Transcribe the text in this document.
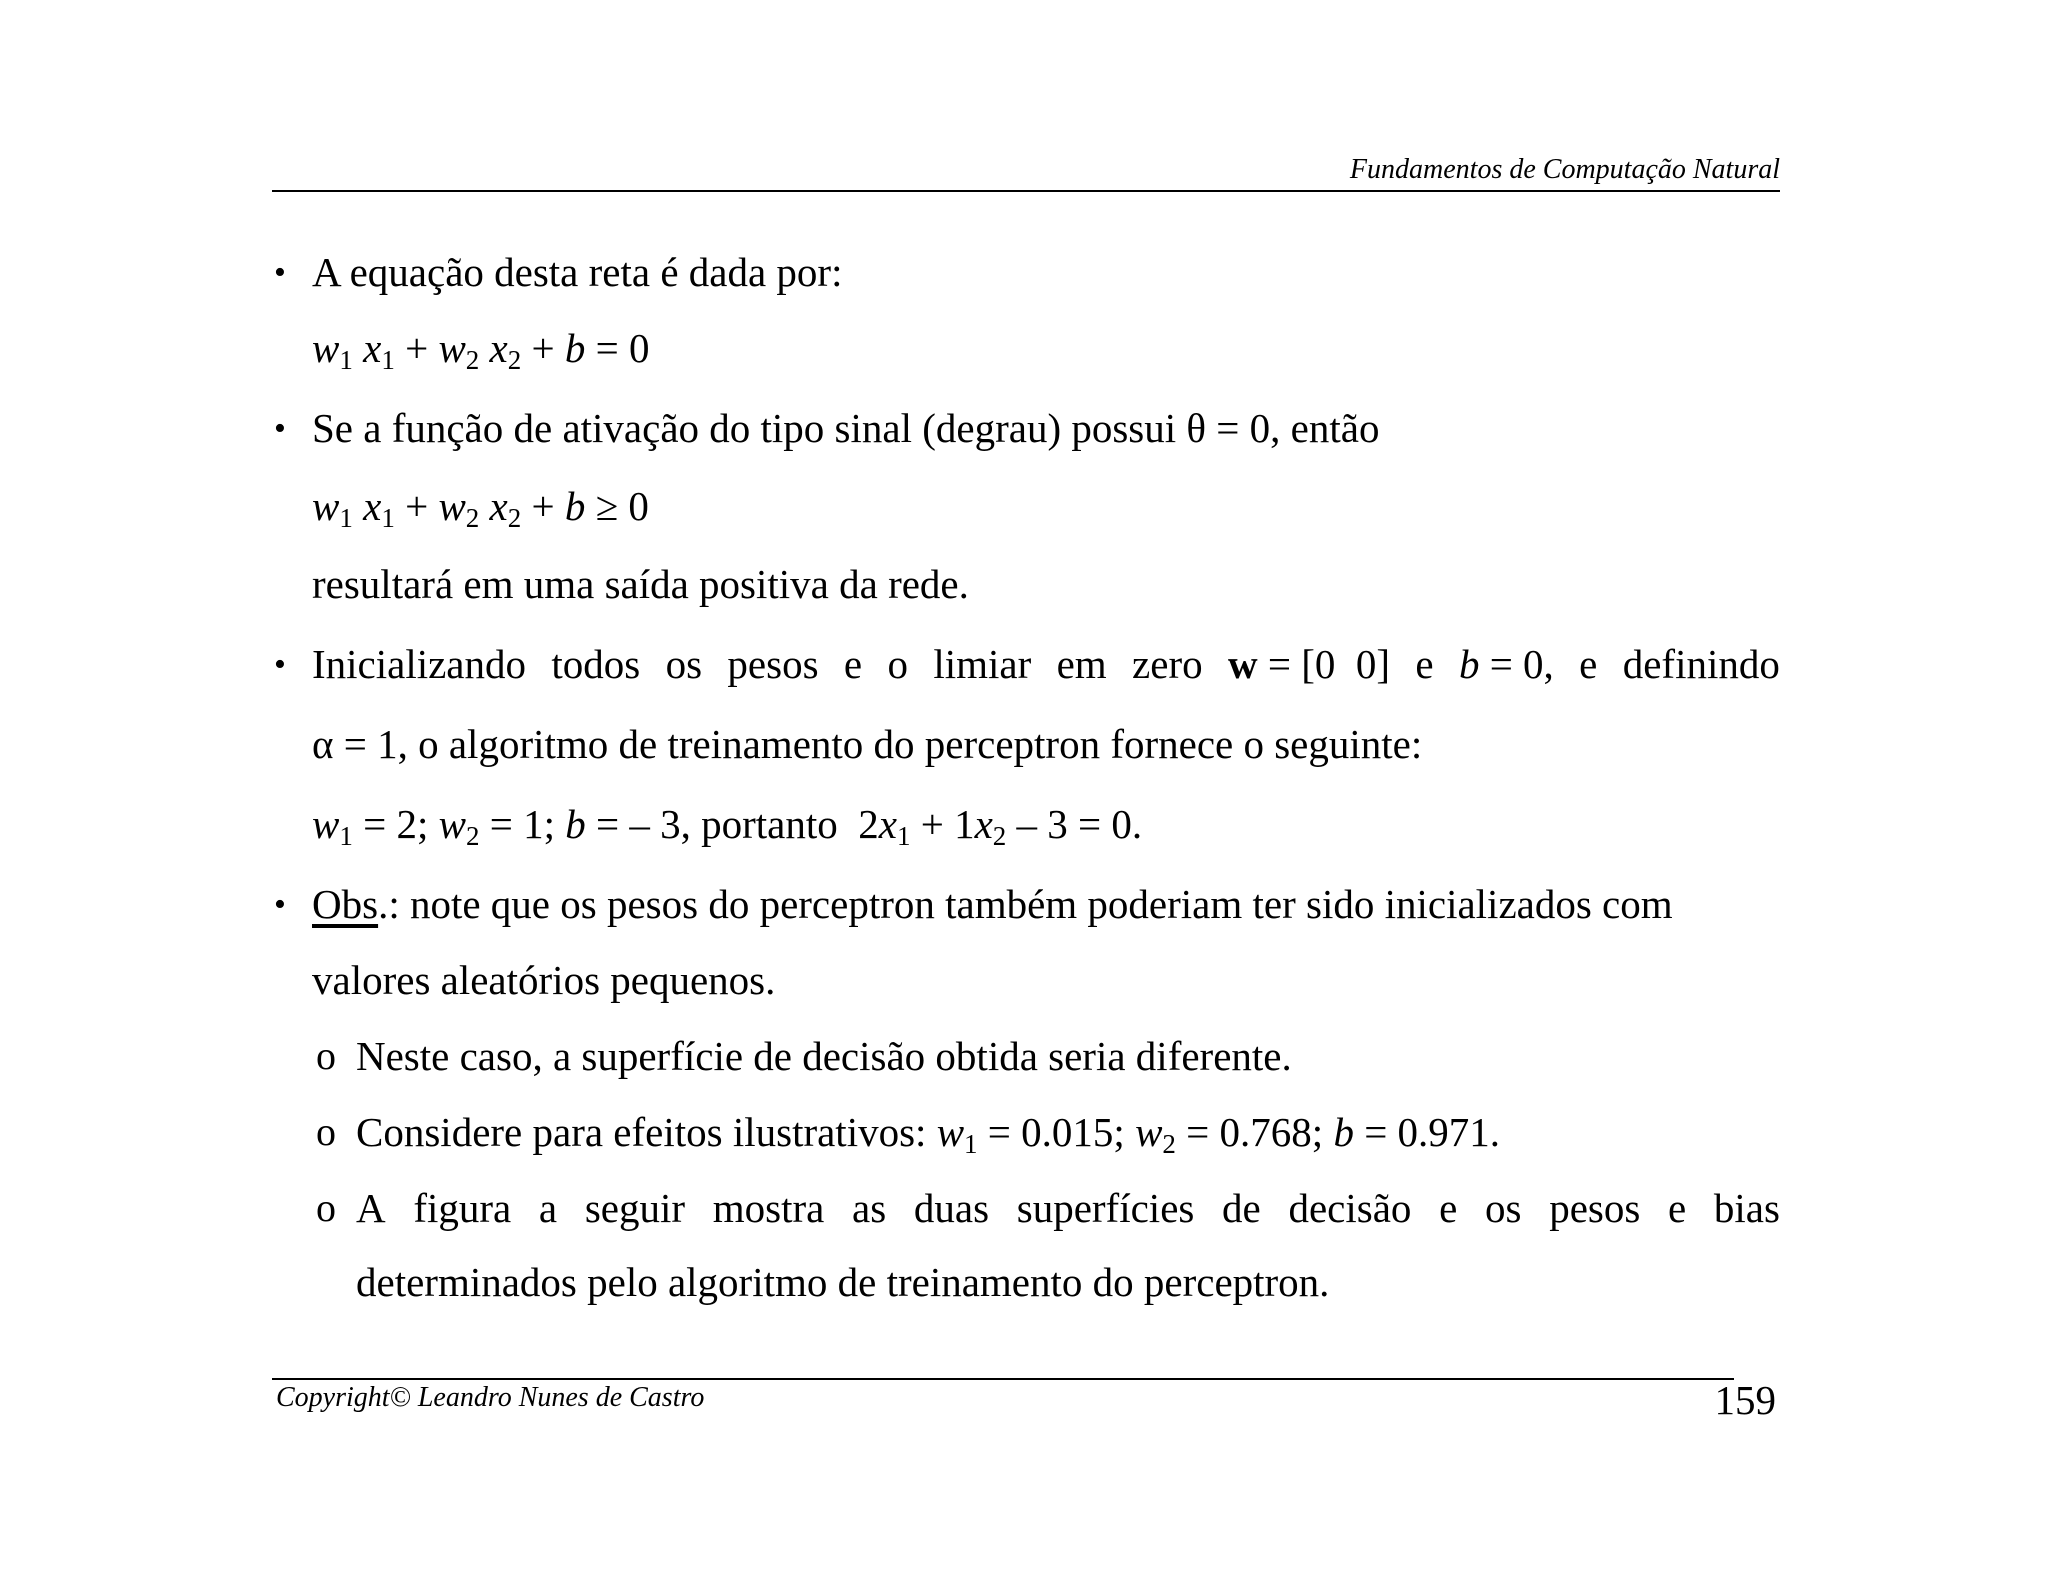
Fundamentos de Computação Natural
• A equação desta reta é dada por:
$w_1$ $x_1 + w_2$ $x_2 + b = 0$
• Se a função de ativação do tipo sinal (degrau) possui θ = 0, então
$w_1$ $x_1 + w_2$ $x_2 + b \ge 0$
resultará em uma saída positiva da rede.
• Inicializando todos os pesos e o limiar em zero w = [0  0] e b = 0, e definindo
α = 1, o algoritmo de treinamento do perceptron fornece o seguinte:
$w_1 = 2$; $w_2 = 1$; b = – 3, portanto  $2x_1 + 1x_2 - 3 = 0$.
• Obs.: note que os pesos do perceptron também poderiam ter sido inicializados com
valores aleatórios pequenos.
o Neste caso, a superfície de decisão obtida seria diferente.
o Considere para efeitos ilustrativos: $w_1 = 0.015$; $w_2 = 0.768$; b = 0.971.
o A figura a seguir mostra as duas superfícies de decisão e os pesos e bias
determinados pelo algoritmo de treinamento do perceptron.
Copyright© Leandro Nunes de Castro	159
